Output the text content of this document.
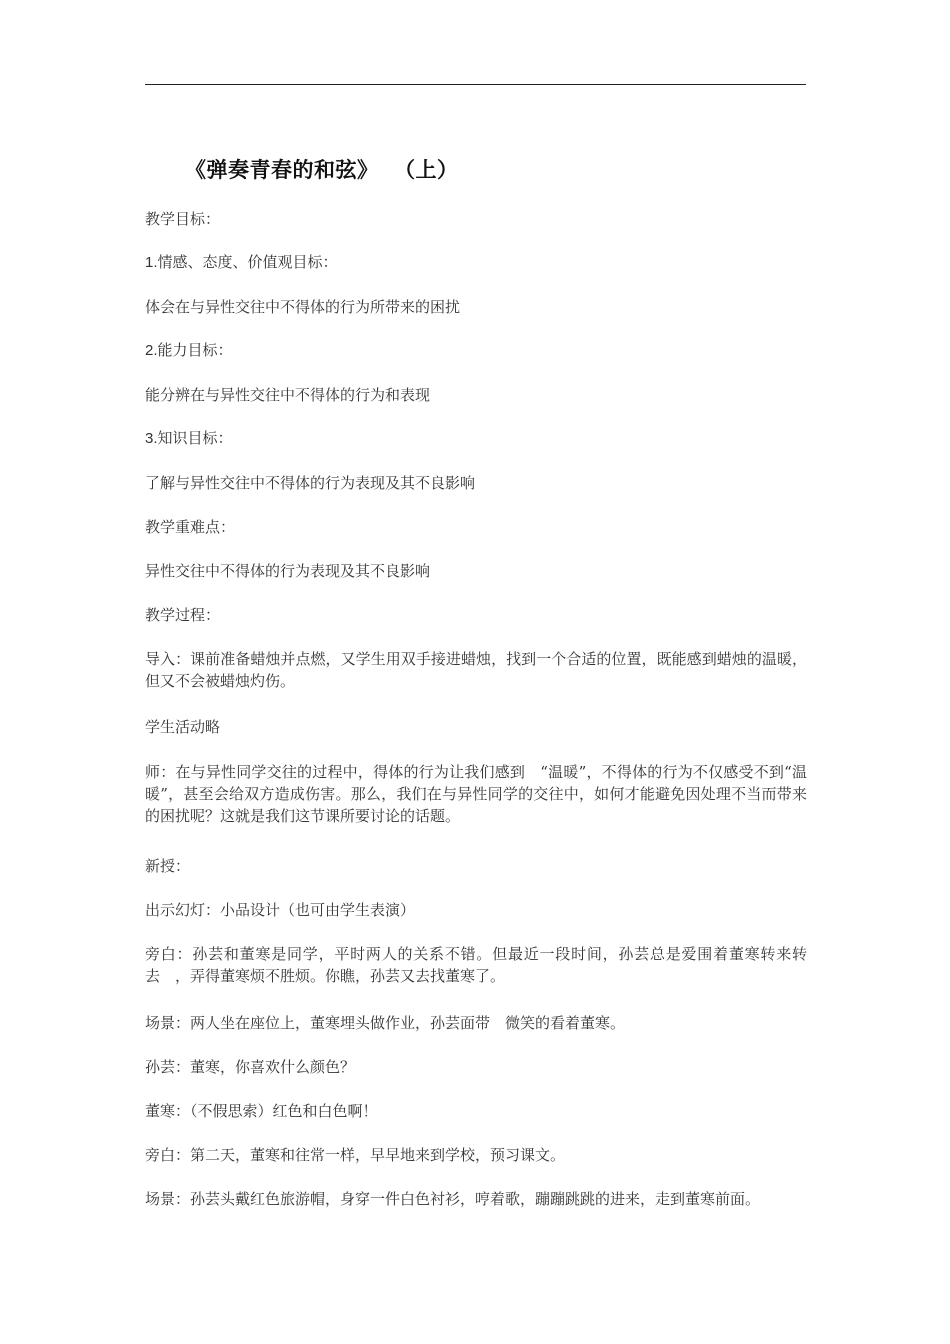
《弹奏青春的和弦》 （上）
教学目标：
1.情感、态度、价值观目标：
体会在与异性交往中不得体的行为所带来的困扰
2.能力目标：
能分辨在与异性交往中不得体的行为和表现
3.知识目标：
了解与异性交往中不得体的行为表现及其不良影响
教学重难点：
异性交往中不得体的行为表现及其不良影响
教学过程：
导入：课前准备蜡烛并点燃，又学生用双手接进蜡烛，找到一个合适的位置，既能感到蜡烛的温暖，但又不会被蜡烛灼伤。
学生活动略
师：在与异性同学交往的过程中，得体的行为让我们感到　“温暖”，不得体的行为不仅感受不到“温暖”，甚至会给双方造成伤害。那么，我们在与异性同学的交往中，如何才能避免因处理不当而带来的困扰呢？这就是我们这节课所要讨论的话题。
新授：
出示幻灯：小品设计（也可由学生表演）
旁白：孙芸和董寒是同学，平时两人的关系不错。但最近一段时间，孙芸总是爱围着董寒转来转去　，弄得董寒烦不胜烦。你瞧，孙芸又去找董寒了。
场景：两人坐在座位上，董寒埋头做作业，孙芸面带　微笑的看着董寒。
孙芸：董寒，你喜欢什么颜色？
董寒：（不假思索）红色和白色啊！
旁白：第二天，董寒和往常一样，早早地来到学校，预习课文。
场景：孙芸头戴红色旅游帽，身穿一件白色衬衫，哼着歌，蹦蹦跳跳的进来，走到董寒前面。
